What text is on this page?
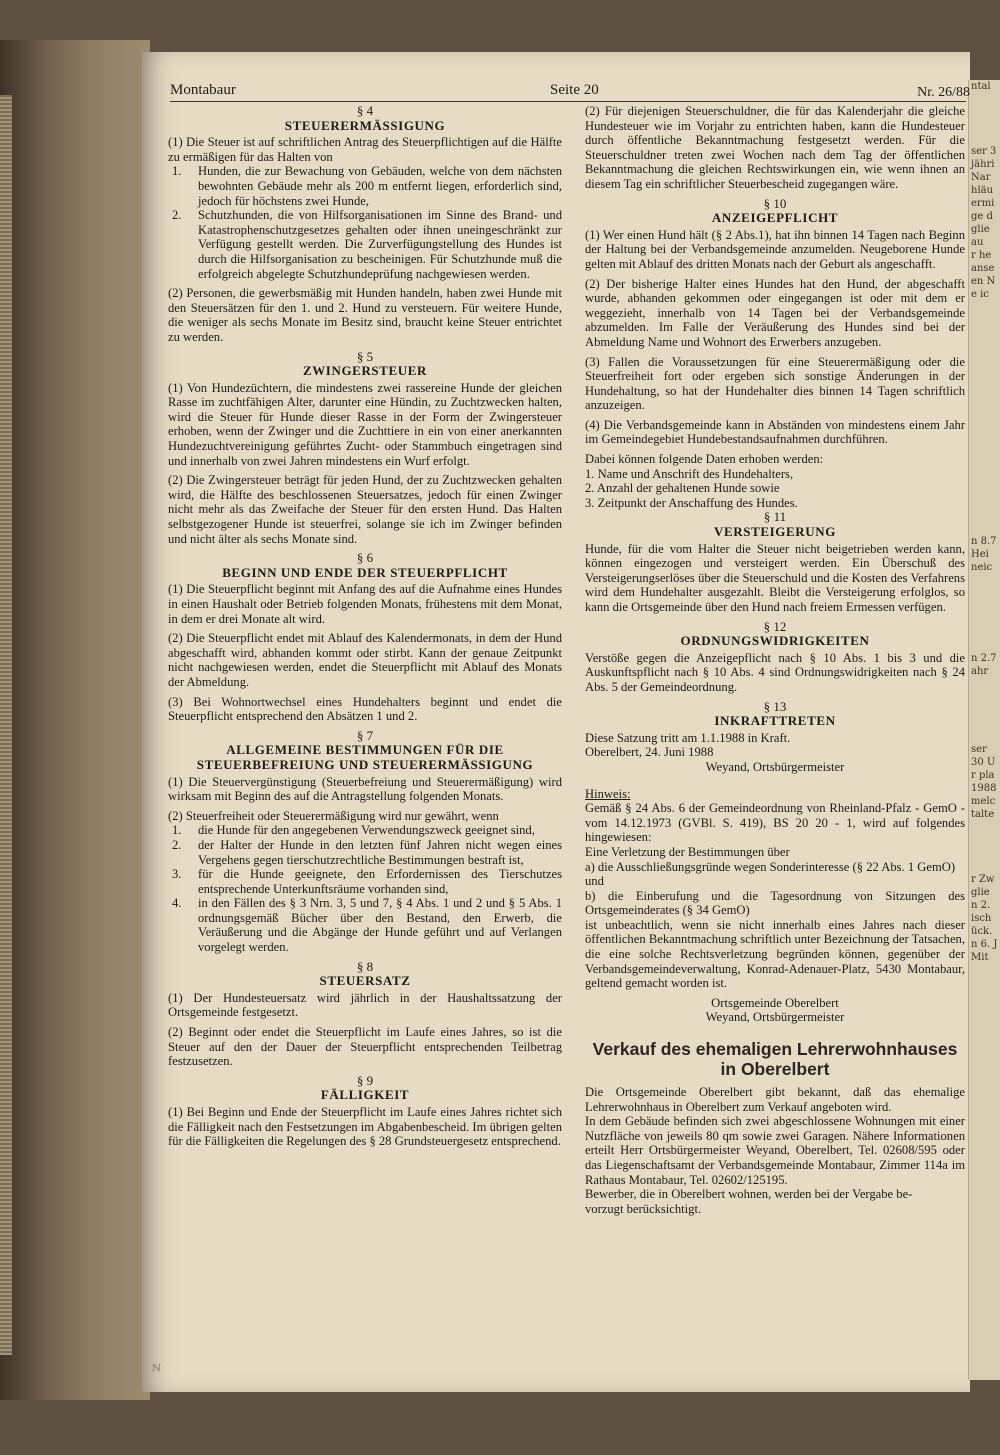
ntal

ser 3
jähri
Nar
hläu
ermi
ge d
glie
au
r he
anse
en N
e ic

n 8.7
Hei
neic

n 2.7
ahr

ser
30 U
r pla
1988
melc
talte

r Zw
glie
n 2.
isch
ück.
n 6. J
Mit
Montabaur	Seite 20	Nr. 26/88

§ 4

STEUERERMÄSSIGUNG

(1) Die Steuer ist auf schriftlichen Antrag des Steuerpflichtigen auf die Hälfte zu ermäßigen für das Halten von

1. Hunden, die zur Bewachung von Gebäuden, welche von dem nächsten bewohnten Gebäude mehr als 200 m entfernt liegen, erforderlich sind, jedoch für höchstens zwei Hunde,
2. Schutzhunden, die von Hilfsorganisationen im Sinne des Brand- und Katastrophenschutzgesetzes gehalten oder ihnen uneingeschränkt zur Verfügung gestellt werden. Die Zurverfügungstellung des Hundes ist durch die Hilfsorganisation zu bescheinigen. Für Schutzhunde muß die erfolgreich abgelegte Schutzhundeprüfung nachgewiesen werden.

(2) Personen, die gewerbsmäßig mit Hunden handeln, haben zwei Hunde mit den Steuersätzen für den 1. und 2. Hund zu versteuern. Für weitere Hunde, die weniger als sechs Monate im Besitz sind, braucht keine Steuer entrichtet zu werden.

§ 5

ZWINGERSTEUER

(1) Von Hundezüchtern, die mindestens zwei rassereine Hunde der gleichen Rasse im zuchtfähigen Alter, darunter eine Hündin, zu Zuchtzwecken halten, wird die Steuer für Hunde dieser Rasse in der Form der Zwingersteuer erhoben, wenn der Zwinger und die Zuchttiere in ein von einer anerkannten Hundezuchtvereinigung geführtes Zucht- oder Stammbuch eingetragen sind und innerhalb von zwei Jahren mindestens ein Wurf erfolgt.

(2) Die Zwingersteuer beträgt für jeden Hund, der zu Zuchtzwecken gehalten wird, die Hälfte des beschlossenen Steuersatzes, jedoch für einen Zwinger nicht mehr als das Zweifache der Steuer für den ersten Hund. Das Halten selbstgezogener Hunde ist steuerfrei, solange sie ich im Zwinger befinden und nicht älter als sechs Monate sind.

§ 6

BEGINN UND ENDE DER STEUERPFLICHT

(1) Die Steuerpflicht beginnt mit Anfang des auf die Aufnahme eines Hundes in einen Haushalt oder Betrieb folgenden Monats, frühestens mit dem Monat, in dem er drei Monate alt wird.

(2) Die Steuerpflicht endet mit Ablauf des Kalendermonats, in dem der Hund abgeschafft wird, abhanden kommt oder stirbt. Kann der genaue Zeitpunkt nicht nachgewiesen werden, endet die Steuerpflicht mit Ablauf des Monats der Abmeldung.

(3) Bei Wohnortwechsel eines Hundehalters beginnt und endet die Steuerpflicht entsprechend den Absätzen 1 und 2.

§ 7

ALLGEMEINE BESTIMMUNGEN FÜR DIE STEUERBEFREIUNG UND STEUERERMÄSSIGUNG

(1) Die Steuervergünstigung (Steuerbefreiung und Steuerermäßigung) wird wirksam mit Beginn des auf die Antragstellung folgenden Monats.

(2) Steuerfreiheit oder Steuerermäßigung wird nur gewährt, wenn

1. die Hunde für den angegebenen Verwendungszweck geeignet sind,
2. der Halter der Hunde in den letzten fünf Jahren nicht wegen eines Vergehens gegen tierschutzrechtliche Bestimmungen bestraft ist,
3. für die Hunde geeignete, den Erfordernissen des Tierschutzes entsprechende Unterkunftsräume vorhanden sind,
4. in den Fällen des § 3 Nrn. 3, 5 und 7, § 4 Abs. 1 und 2 und § 5 Abs. 1 ordnungsgemäß Bücher über den Bestand, den Erwerb, die Veräußerung und die Abgänge der Hunde geführt und auf Verlangen vorgelegt werden.

§ 8

STEUERSATZ

(1) Der Hundesteuersatz wird jährlich in der Haushaltssatzung der Ortsgemeinde festgesetzt.

(2) Beginnt oder endet die Steuerpflicht im Laufe eines Jahres, so ist die Steuer auf den der Dauer der Steuerpflicht entsprechenden Teilbetrag festzusetzen.

§ 9

FÄLLIGKEIT

(1) Bei Beginn und Ende der Steuerpflicht im Laufe eines Jahres richtet sich die Fälligkeit nach den Festsetzungen im Abgabenbescheid. Im übrigen gelten für die Fälligkeiten die Regelungen des § 28 Grundsteuergesetz entsprechend.

(2) Für diejenigen Steuerschuldner, die für das Kalenderjahr die gleiche Hundesteuer wie im Vorjahr zu entrichten haben, kann die Hundesteuer durch öffentliche Bekanntmachung festgesetzt werden. Für die Steuerschuldner treten zwei Wochen nach dem Tag der öffentlichen Bekanntmachung die gleichen Rechtswirkungen ein, wie wenn ihnen an diesem Tag ein schriftlicher Steuerbescheid zugegangen wäre.

§ 10

ANZEIGEPFLICHT

(1) Wer einen Hund hält (§ 2 Abs.1), hat ihn binnen 14 Tagen nach Beginn der Haltung bei der Verbandsgemeinde anzumelden. Neugeborene Hunde gelten mit Ablauf des dritten Monats nach der Geburt als angeschafft.

(2) Der bisherige Halter eines Hundes hat den Hund, der abgeschafft wurde, abhanden gekommen oder eingegangen ist oder mit dem er weggezieht, innerhalb von 14 Tagen bei der Verbandsgemeinde abzumelden. Im Falle der Veräußerung des Hundes sind bei der Abmeldung Name und Wohnort des Erwerbers anzugeben.

(3) Fallen die Voraussetzungen für eine Steuerermäßigung oder die Steuerfreiheit fort oder ergeben sich sonstige Änderungen in der Hundehaltung, so hat der Hundehalter dies binnen 14 Tagen schriftlich anzuzeigen.

(4) Die Verbandsgemeinde kann in Abständen von mindestens einem Jahr im Gemeindegebiet Hundebestandsaufnahmen durchführen.

Dabei können folgende Daten erhoben werden:

1. Name und Anschrift des Hundehalters,

2. Anzahl der gehaltenen Hunde sowie

3. Zeitpunkt der Anschaffung des Hundes.

§ 11

VERSTEIGERUNG

Hunde, für die vom Halter die Steuer nicht beigetrieben werden kann, können eingezogen und versteigert werden. Ein Überschuß des Versteigerungserlöses über die Steuerschuld und die Kosten des Verfahrens wird dem Hundehalter ausgezahlt. Bleibt die Versteigerung erfolglos, so kann die Ortsgemeinde über den Hund nach freiem Ermessen verfügen.

§ 12

ORDNUNGSWIDRIGKEITEN

Verstöße gegen die Anzeigepflicht nach § 10 Abs. 1 bis 3 und die Auskunftspflicht nach § 10 Abs. 4 sind Ordnungswidrigkeiten nach § 24 Abs. 5 der Gemeindeordnung.

§ 13

INKRAFTTRETEN

Diese Satzung tritt am 1.1.1988 in Kraft.

Oberelbert, 24. Juni 1988

Weyand, Ortsbürgermeister

Hinweis:

Gemäß § 24 Abs. 6 der Gemeindeordnung von Rheinland-Pfalz - GemO - vom 14.12.1973 (GVBl. S. 419), BS 20 20 - 1, wird auf folgendes hingewiesen:

Eine Verletzung der Bestimmungen über

a) die Ausschließungsgründe wegen Sonderinteresse (§ 22 Abs. 1 GemO)

und

b) die Einberufung und die Tagesordnung von Sitzungen des Ortsgemeinderates (§ 34 GemO)

ist unbeachtlich, wenn sie nicht innerhalb eines Jahres nach dieser öffentlichen Bekanntmachung schriftlich unter Bezeichnung der Tatsachen, die eine solche Rechtsverletzung begründen können, gegenüber der Verbandsgemeindeverwaltung, Konrad-Adenauer-Platz, 5430 Montabaur, geltend gemacht worden ist.

Ortsgemeinde Oberelbert

Weyand, Ortsbürgermeister

Verkauf des ehemaligen Lehrerwohnhauses
in Oberelbert

Die Ortsgemeinde Oberelbert gibt bekannt, daß das ehemalige Lehrerwohnhaus in Oberelbert zum Verkauf angeboten wird.

In dem Gebäude befinden sich zwei abgeschlossene Wohnungen mit einer Nutzfläche von jeweils 80 qm sowie zwei Garagen. Nähere Informationen erteilt Herr Ortsbürgermeister Weyand, Oberelbert, Tel. 02608/595 oder das Liegenschaftsamt der Verbandsgemeinde Montabaur, Zimmer 114a im Rathaus Montabaur, Tel. 02602/125195.

Bewerber, die in Oberelbert wohnen, werden bei der Vergabe be-

vorzugt berücksichtigt.

ℕ
